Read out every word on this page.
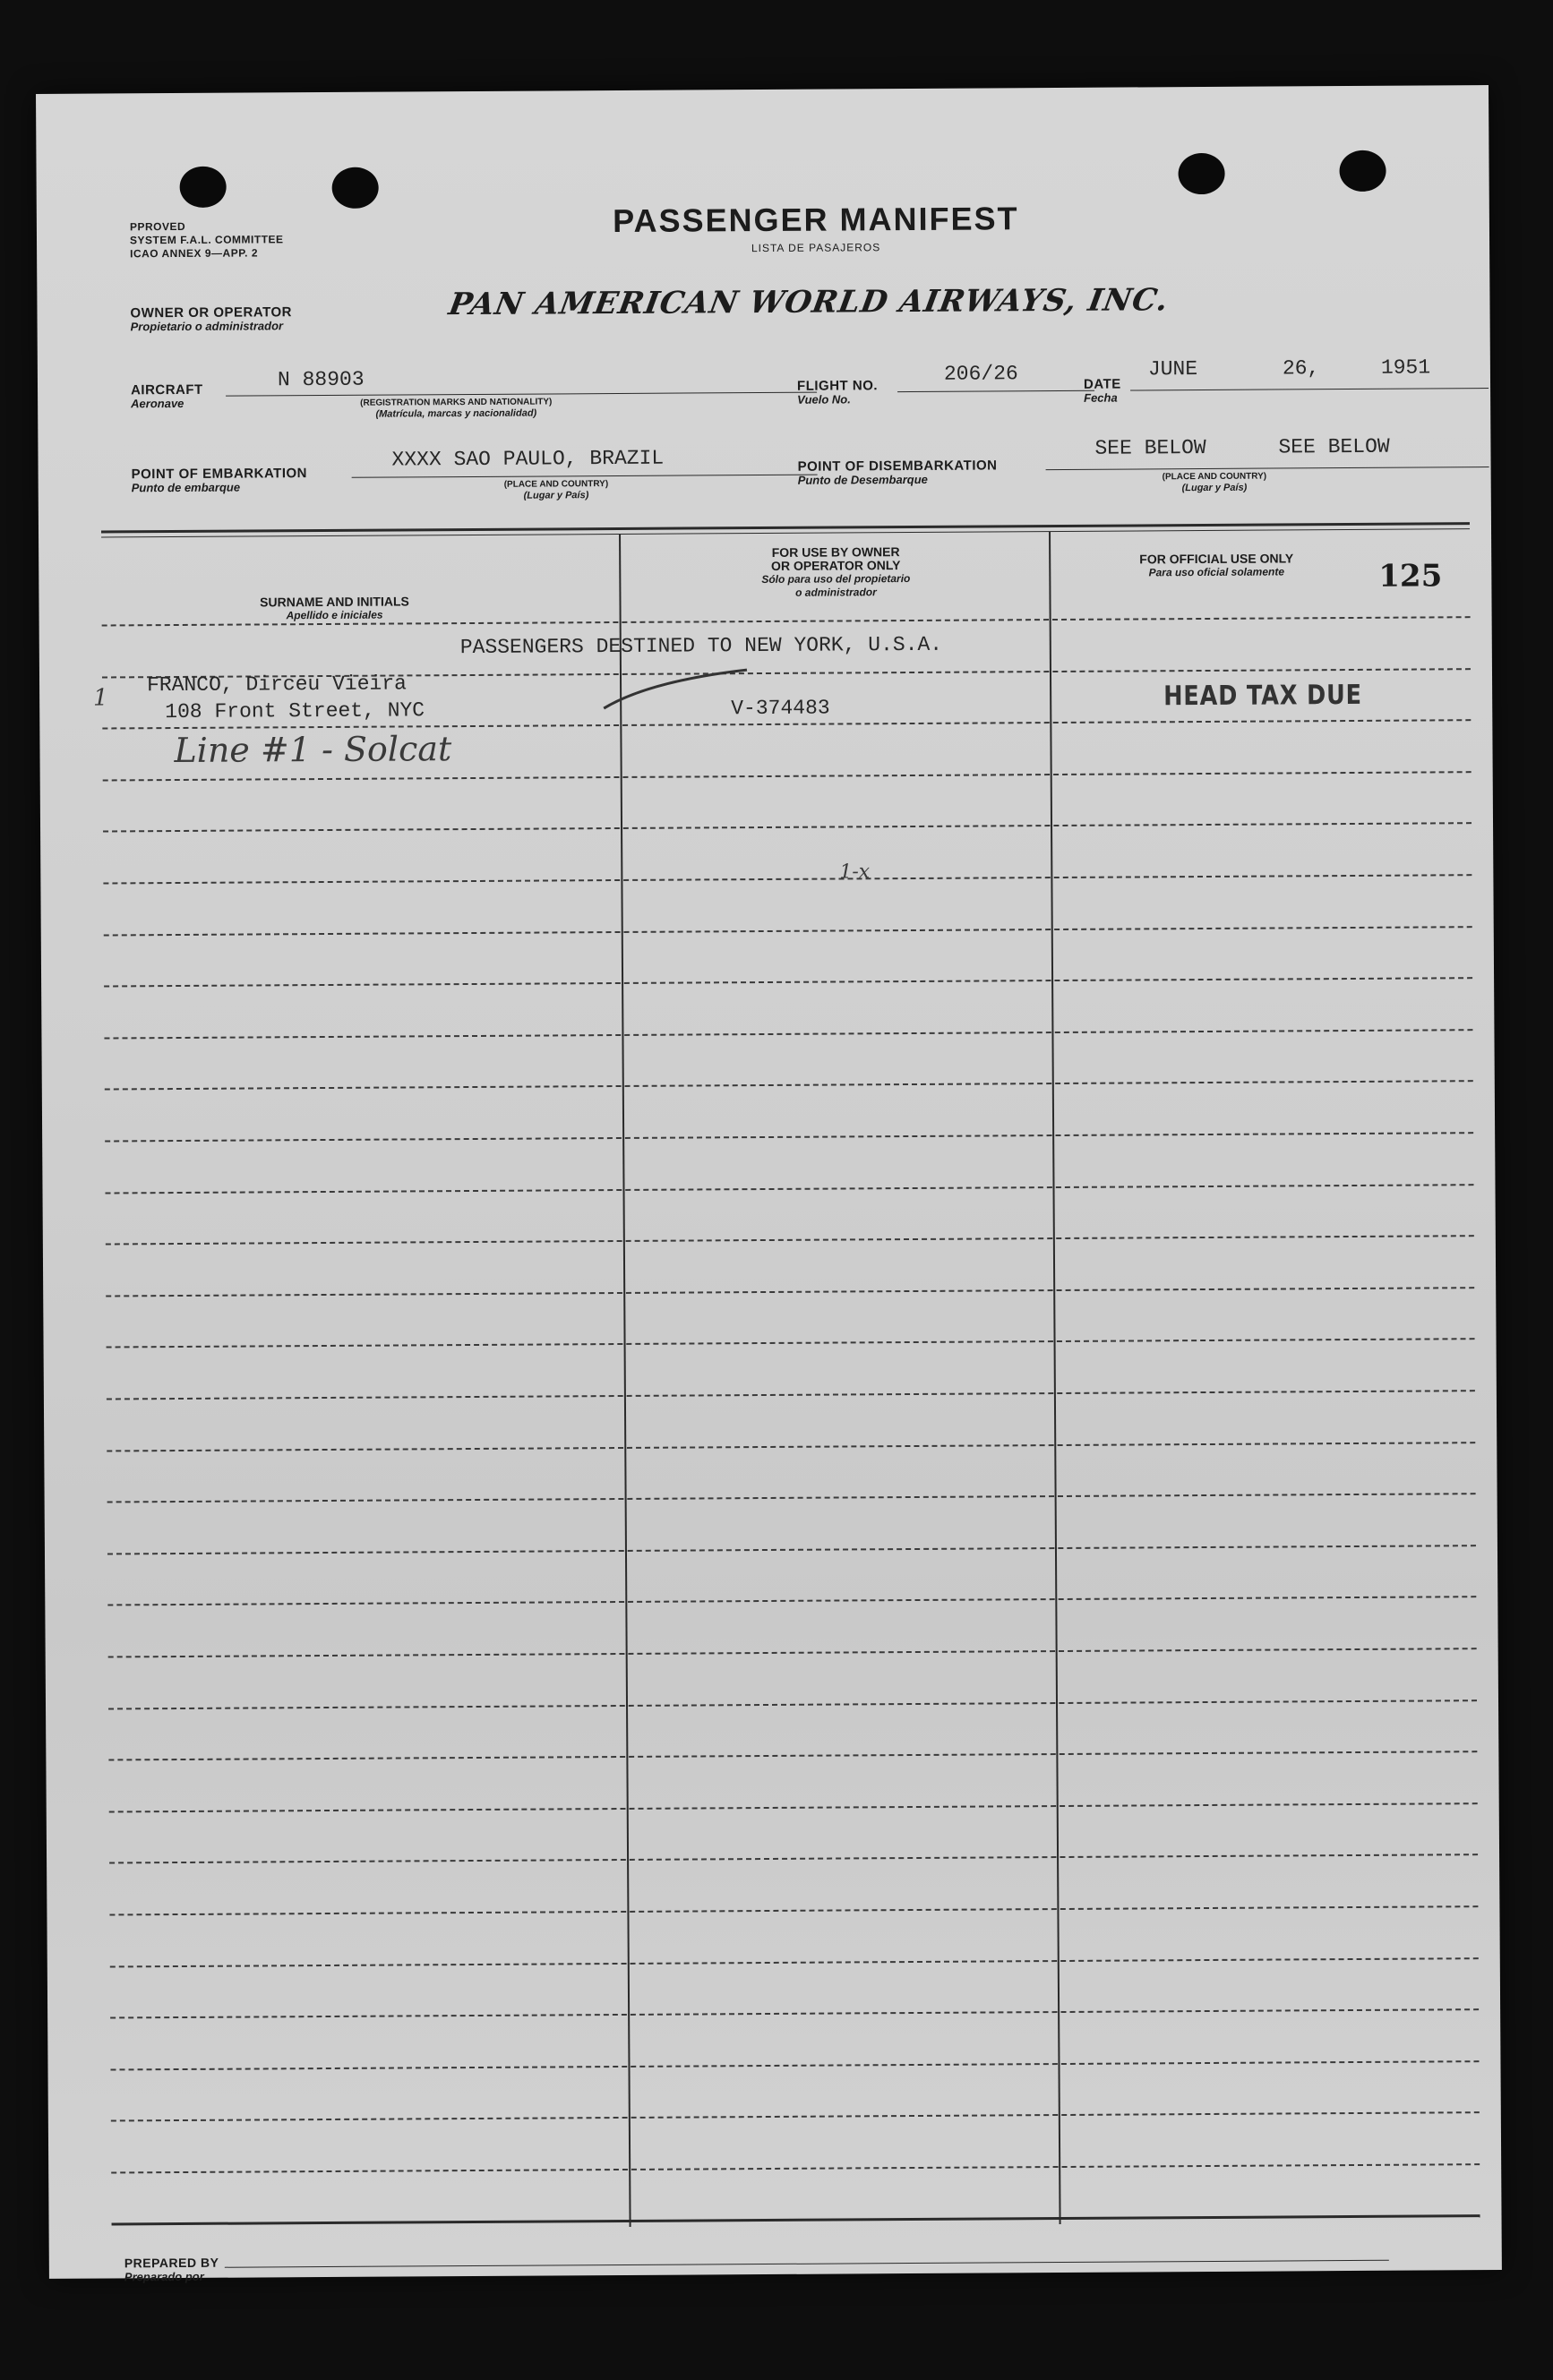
PPROVED
SYSTEM F.A.L. COMMITTEE
ICAO ANNEX 9—APP. 2
PASSENGER MANIFEST
LISTA DE PASAJEROS
OWNER OR OPERATOR
Propietario o administrador
PAN AMERICAN WORLD AIRWAYS, INC.
AIRCRAFT
Aeronave
N 88903
(REGISTRATION MARKS AND NATIONALITY)
(Matrícula, marcas y nacionalidad)
FLIGHT NO.
Vuelo No.
206/26	DATE
Fecha
JUNE	26,	1951
POINT OF EMBARKATION
Punto de embarque
XXXX SAO PAULO, BRAZIL
(PLACE AND COUNTRY)
(Lugar y País)
POINT OF DISEMBARKATION
Punto de Desembarque
SEE BELOW	SEE BELOW
(PLACE AND COUNTRY)
(Lugar y País)
SURNAME AND INITIALS
Apellido e iniciales
FOR USE BY OWNER
OR OPERATOR ONLY
Sólo para uso del propietario
o administrador
FOR OFFICIAL USE ONLY
Para uso oficial solamente	125
PASSENGERS DESTINED TO NEW YORK, U.S.A.
1
FRANCO, Dirceu Vieira
108 Front Street, NYC	V-374483	HEAD TAX DUE
Line #1 - Solcat
1-x
PREPARED BY
Preparado por
